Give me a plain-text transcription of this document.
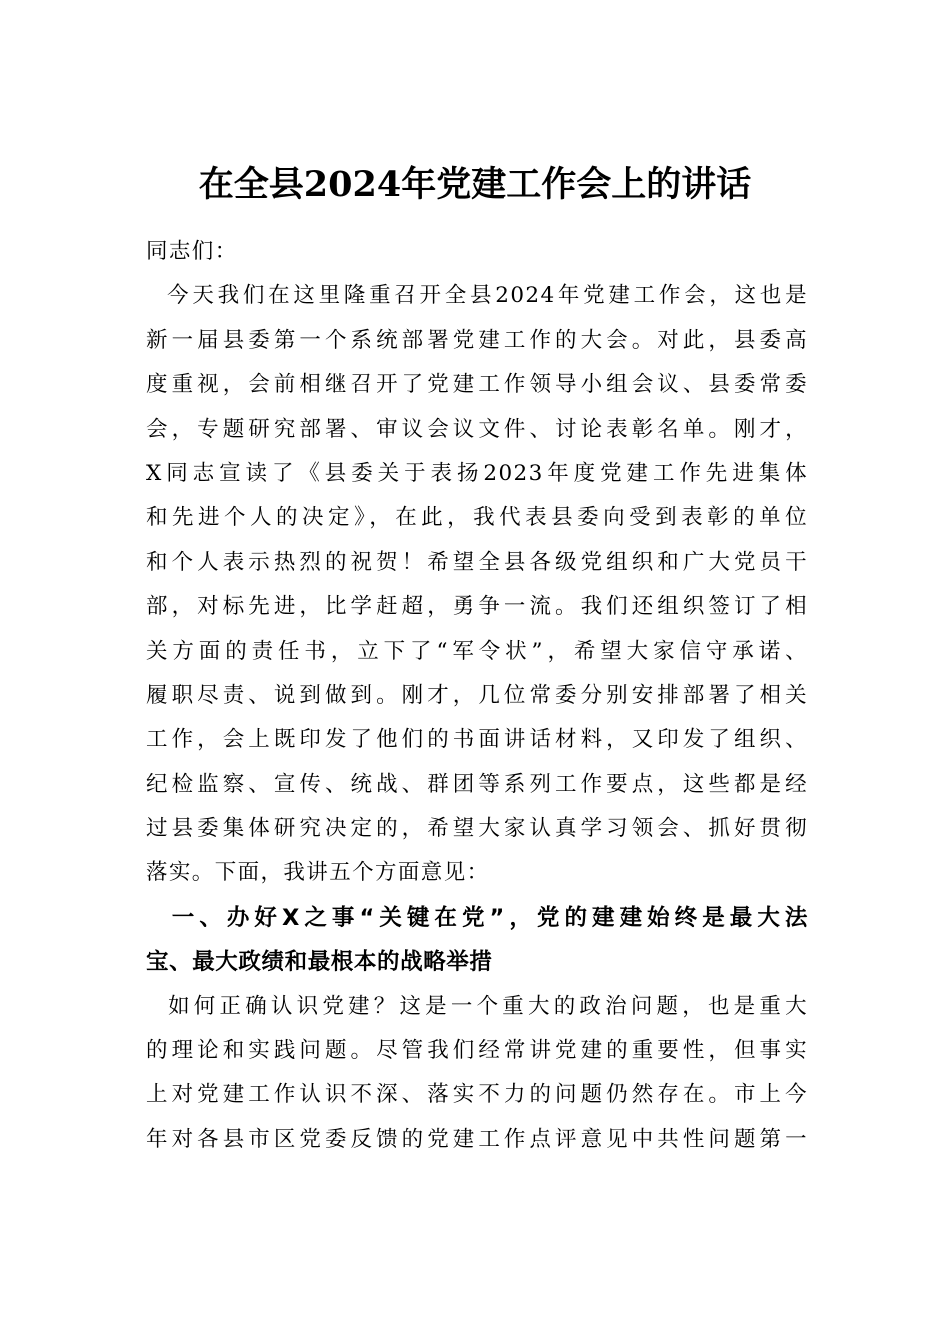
在全县2024年党建工作会上的讲话
同志们：
今天我们在这里隆重召开全县2024年党建工作会，这也是
新一届县委第一个系统部署党建工作的大会。对此，县委高
度重视，会前相继召开了党建工作领导小组会议、县委常委
会，专题研究部署、审议会议文件、讨论表彰名单。刚才，
X同志宣读了《县委关于表扬2023年度党建工作先进集体
和先进个人的决定》，在此，我代表县委向受到表彰的单位
和个人表示热烈的祝贺！希望全县各级党组织和广大党员干
部，对标先进，比学赶超，勇争一流。我们还组织签订了相
关方面的责任书，立下了“军令状”，希望大家信守承诺、
履职尽责、说到做到。刚才，几位常委分别安排部署了相关
工作，会上既印发了他们的书面讲话材料，又印发了组织、
纪检监察、宣传、统战、群团等系列工作要点，这些都是经
过县委集体研究决定的，希望大家认真学习领会、抓好贯彻
落实。下面，我讲五个方面意见：
一、办好X之事“关键在党”，党的建建始终是最大法
宝、最大政绩和最根本的战略举措
如何正确认识党建？这是一个重大的政治问题，也是重大
的理论和实践问题。尽管我们经常讲党建的重要性，但事实
上对党建工作认识不深、落实不力的问题仍然存在。市上今
年对各县市区党委反馈的党建工作点评意见中共性问题第一
